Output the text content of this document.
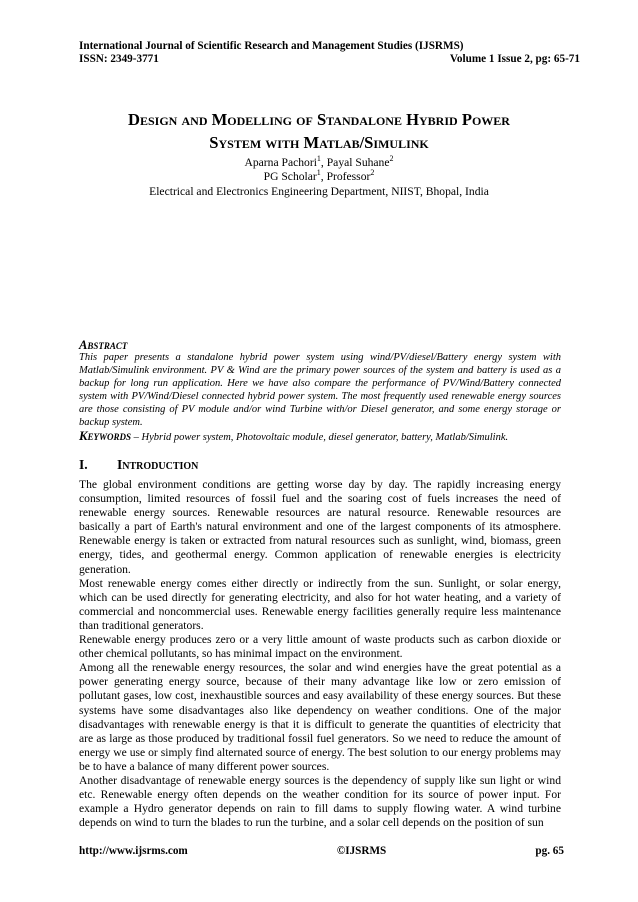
International Journal of Scientific Research and Management Studies (IJSRMS)
ISSN: 2349-3771	Volume 1 Issue 2, pg: 65-71
Design and Modelling of Standalone Hybrid Power
System with Matlab/Simulink
Aparna Pachori$^1$, Payal Suhane$^2$
PG Scholar$^1$, Professor$^2$
Electrical and Electronics Engineering Department, NIIST, Bhopal, India
Abstract
This paper presents a standalone hybrid power system using wind/PV/diesel/Battery energy system with Matlab/Simulink environment. PV & Wind are the primary power sources of the system and battery is used as a backup for long run application. Here we have also compare the performance of PV/Wind/Battery connected system with PV/Wind/Diesel connected hybrid power system. The most frequently used renewable energy sources are those consisting of PV module and/or wind Turbine with/or Diesel generator, and some energy storage or backup system.
Keywords – Hybrid power system, Photovoltaic module, diesel generator, battery, Matlab/Simulink.
I.	Introduction

The global environment conditions are getting worse day by day. The rapidly increasing energy consumption, limited resources of fossil fuel and the soaring cost of fuels increases the need of renewable energy sources. Renewable resources are natural resource. Renewable resources are basically a part of Earth's natural environment and one of the largest components of its atmosphere. Renewable energy is taken or extracted from natural resources such as sunlight, wind, biomass, green energy, tides, and geothermal energy. Common application of renewable energies is electricity generation.

Most renewable energy comes either directly or indirectly from the sun. Sunlight, or solar energy, which can be used directly for generating electricity, and also for hot water heating, and a variety of commercial and noncommercial uses. Renewable energy facilities generally require less maintenance than traditional generators.

Renewable energy produces zero or a very little amount of waste products such as carbon dioxide or other chemical pollutants, so has minimal impact on the environment.

Among all the renewable energy resources, the solar and wind energies have the great potential as a power generating energy source, because of their many advantage like low or zero emission of pollutant gases, low cost, inexhaustible sources and easy availability of these energy sources. But these systems have some disadvantages also like dependency on weather conditions. One of the major disadvantages with renewable energy is that it is difficult to generate the quantities of electricity that are as large as those produced by traditional fossil fuel generators. So we need to reduce the amount of energy we use or simply find alternated source of energy. The best solution to our energy problems may be to have a balance of many different power sources.

Another disadvantage of renewable energy sources is the dependency of supply like sun light or wind etc. Renewable energy often depends on the weather condition for its source of power input. For example a Hydro generator depends on rain to fill dams to supply flowing water. A wind turbine depends on wind to turn the blades to run the turbine, and a solar cell depends on the position of sun

http://www.ijsrms.com	©IJSRMS	pg. 65
